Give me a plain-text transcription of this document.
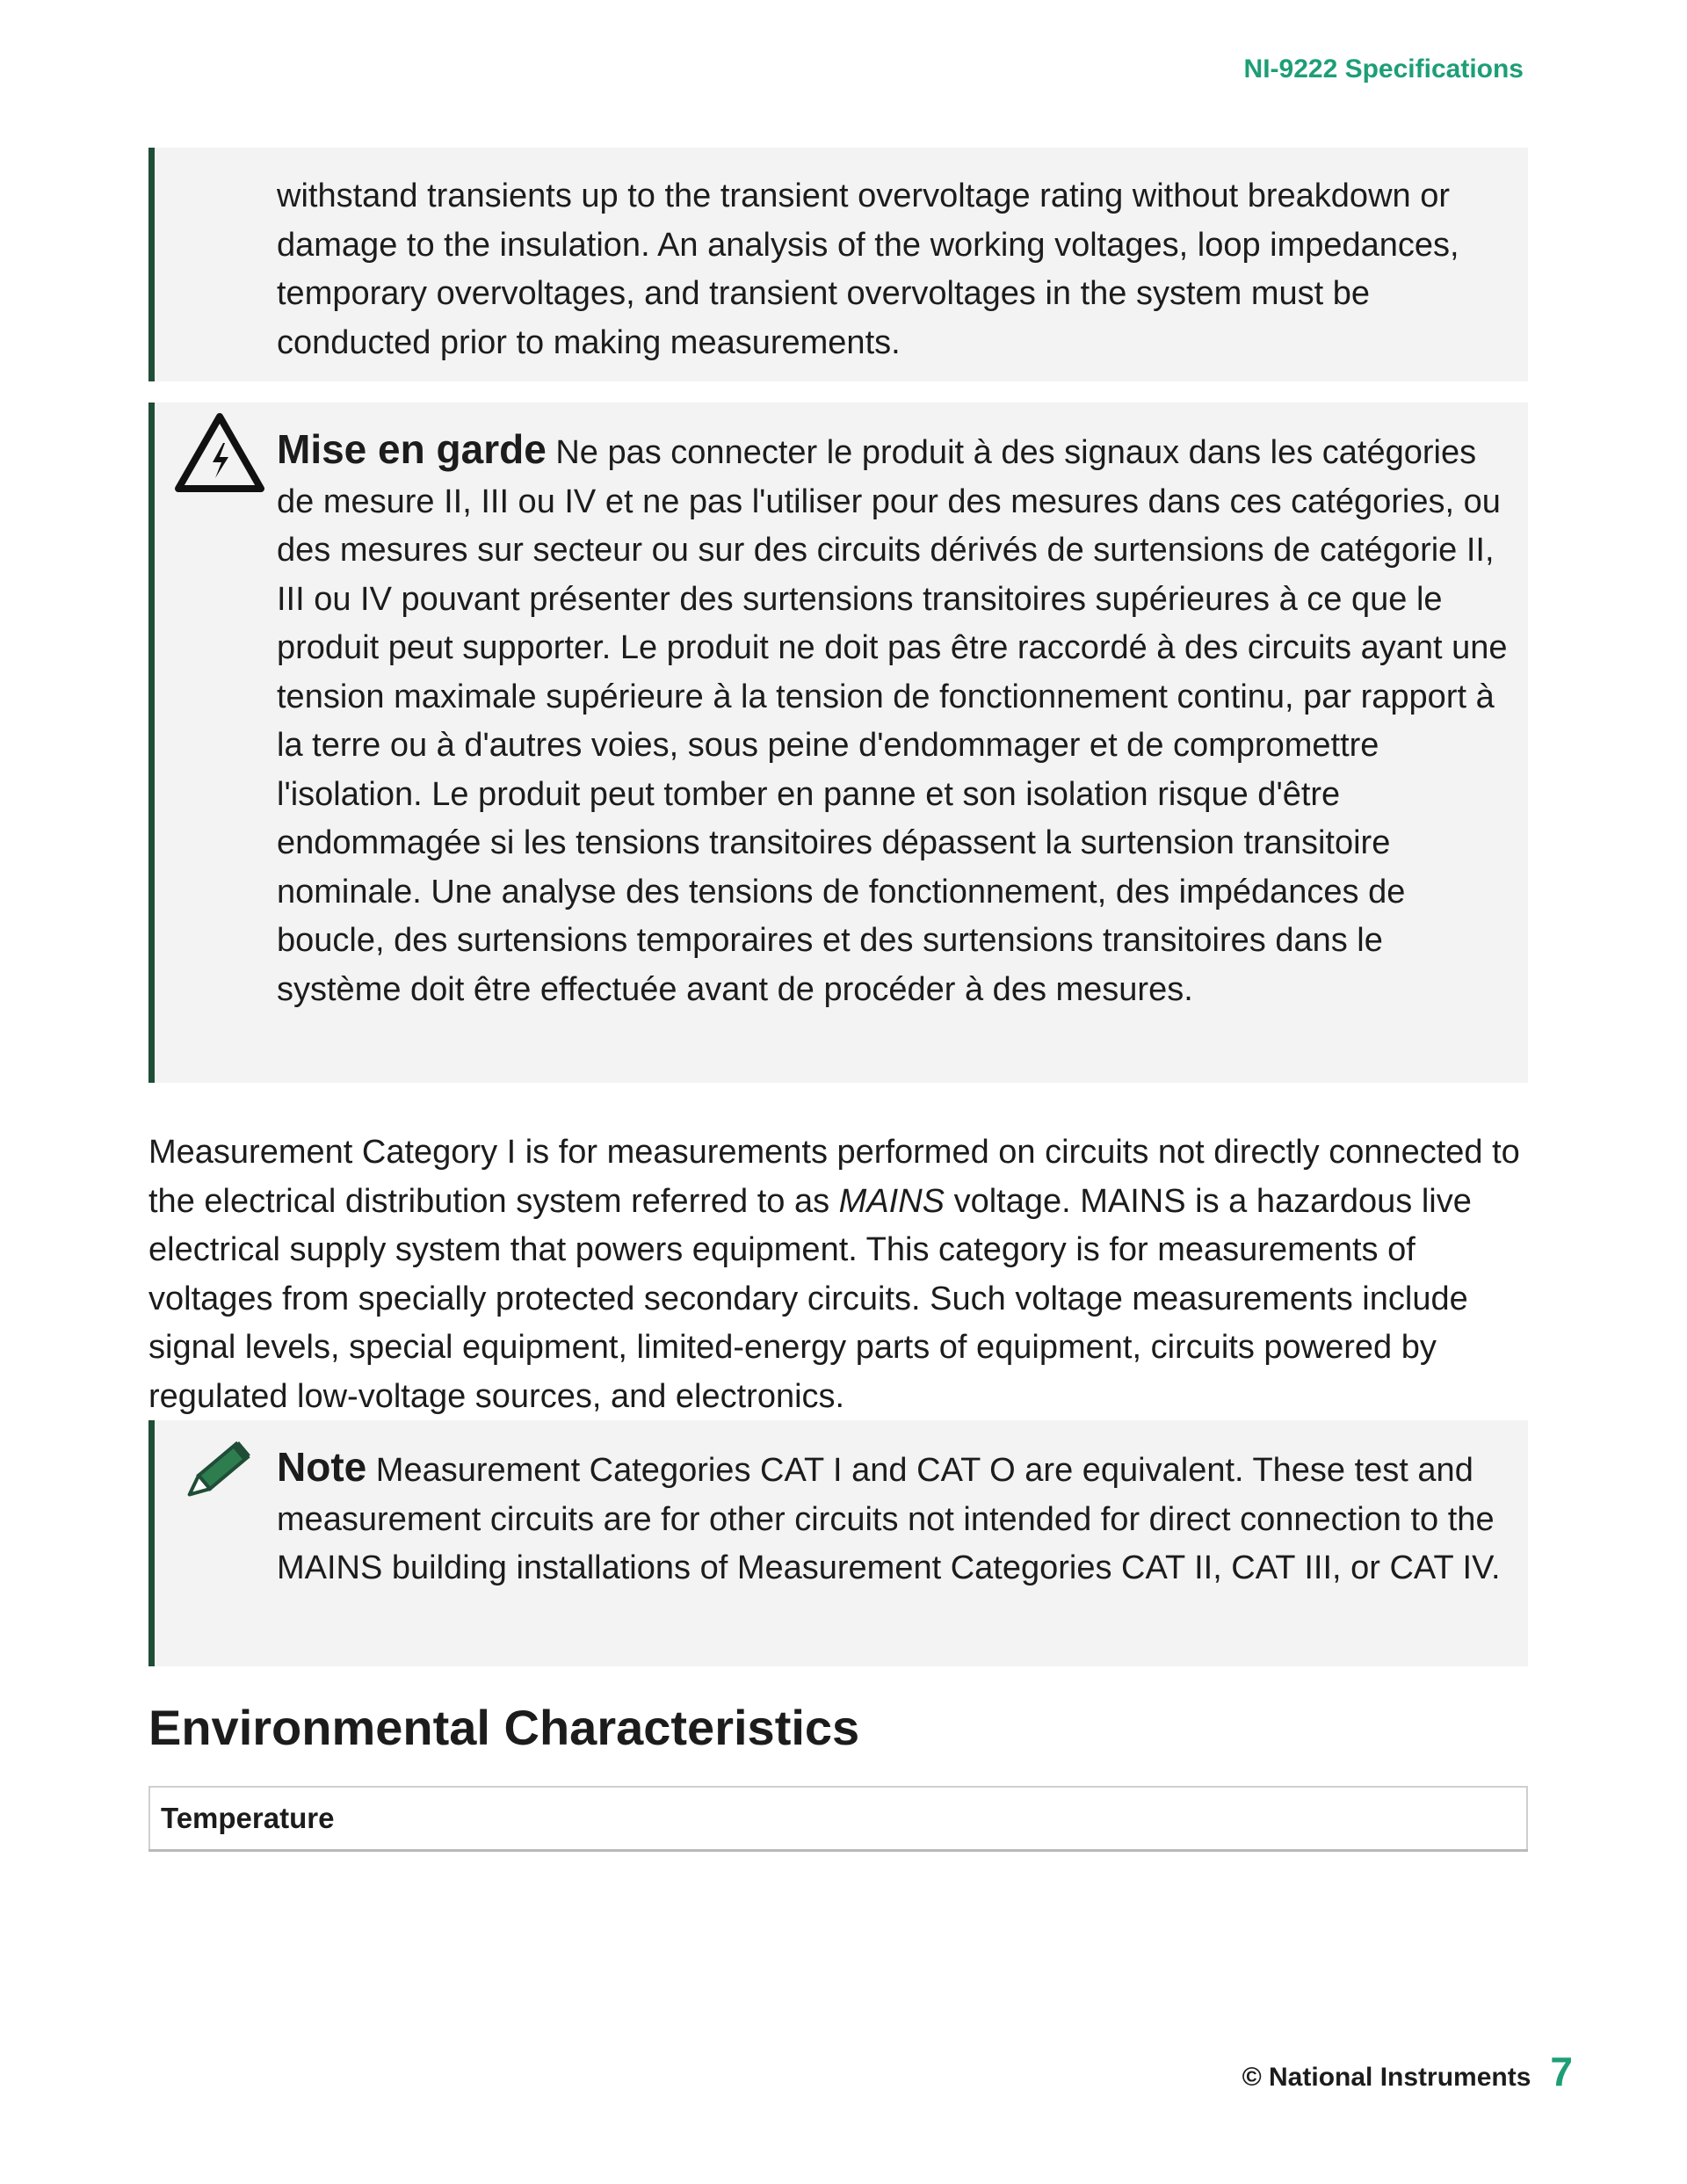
NI-9222 Specifications
withstand transients up to the transient overvoltage rating without breakdown or damage to the insulation. An analysis of the working voltages, loop impedances, temporary overvoltages, and transient overvoltages in the system must be conducted prior to making measurements.
Mise en garde Ne pas connecter le produit à des signaux dans les catégories de mesure II, III ou IV et ne pas l'utiliser pour des mesures dans ces catégories, ou des mesures sur secteur ou sur des circuits dérivés de surtensions de catégorie II, III ou IV pouvant présenter des surtensions transitoires supérieures à ce que le produit peut supporter. Le produit ne doit pas être raccordé à des circuits ayant une tension maximale supérieure à la tension de fonctionnement continu, par rapport à la terre ou à d'autres voies, sous peine d'endommager et de compromettre l'isolation. Le produit peut tomber en panne et son isolation risque d'être endommagée si les tensions transitoires dépassent la surtension transitoire nominale. Une analyse des tensions de fonctionnement, des impédances de boucle, des surtensions temporaires et des surtensions transitoires dans le système doit être effectuée avant de procéder à des mesures.
Measurement Category I is for measurements performed on circuits not directly connected to the electrical distribution system referred to as MAINS voltage. MAINS is a hazardous live electrical supply system that powers equipment. This category is for measurements of voltages from specially protected secondary circuits. Such voltage measurements include signal levels, special equipment, limited-energy parts of equipment, circuits powered by regulated low-voltage sources, and electronics.
Note Measurement Categories CAT I and CAT O are equivalent. These test and measurement circuits are for other circuits not intended for direct connection to the MAINS building installations of Measurement Categories CAT II, CAT III, or CAT IV.
Environmental Characteristics
Temperature
© National Instruments 7
